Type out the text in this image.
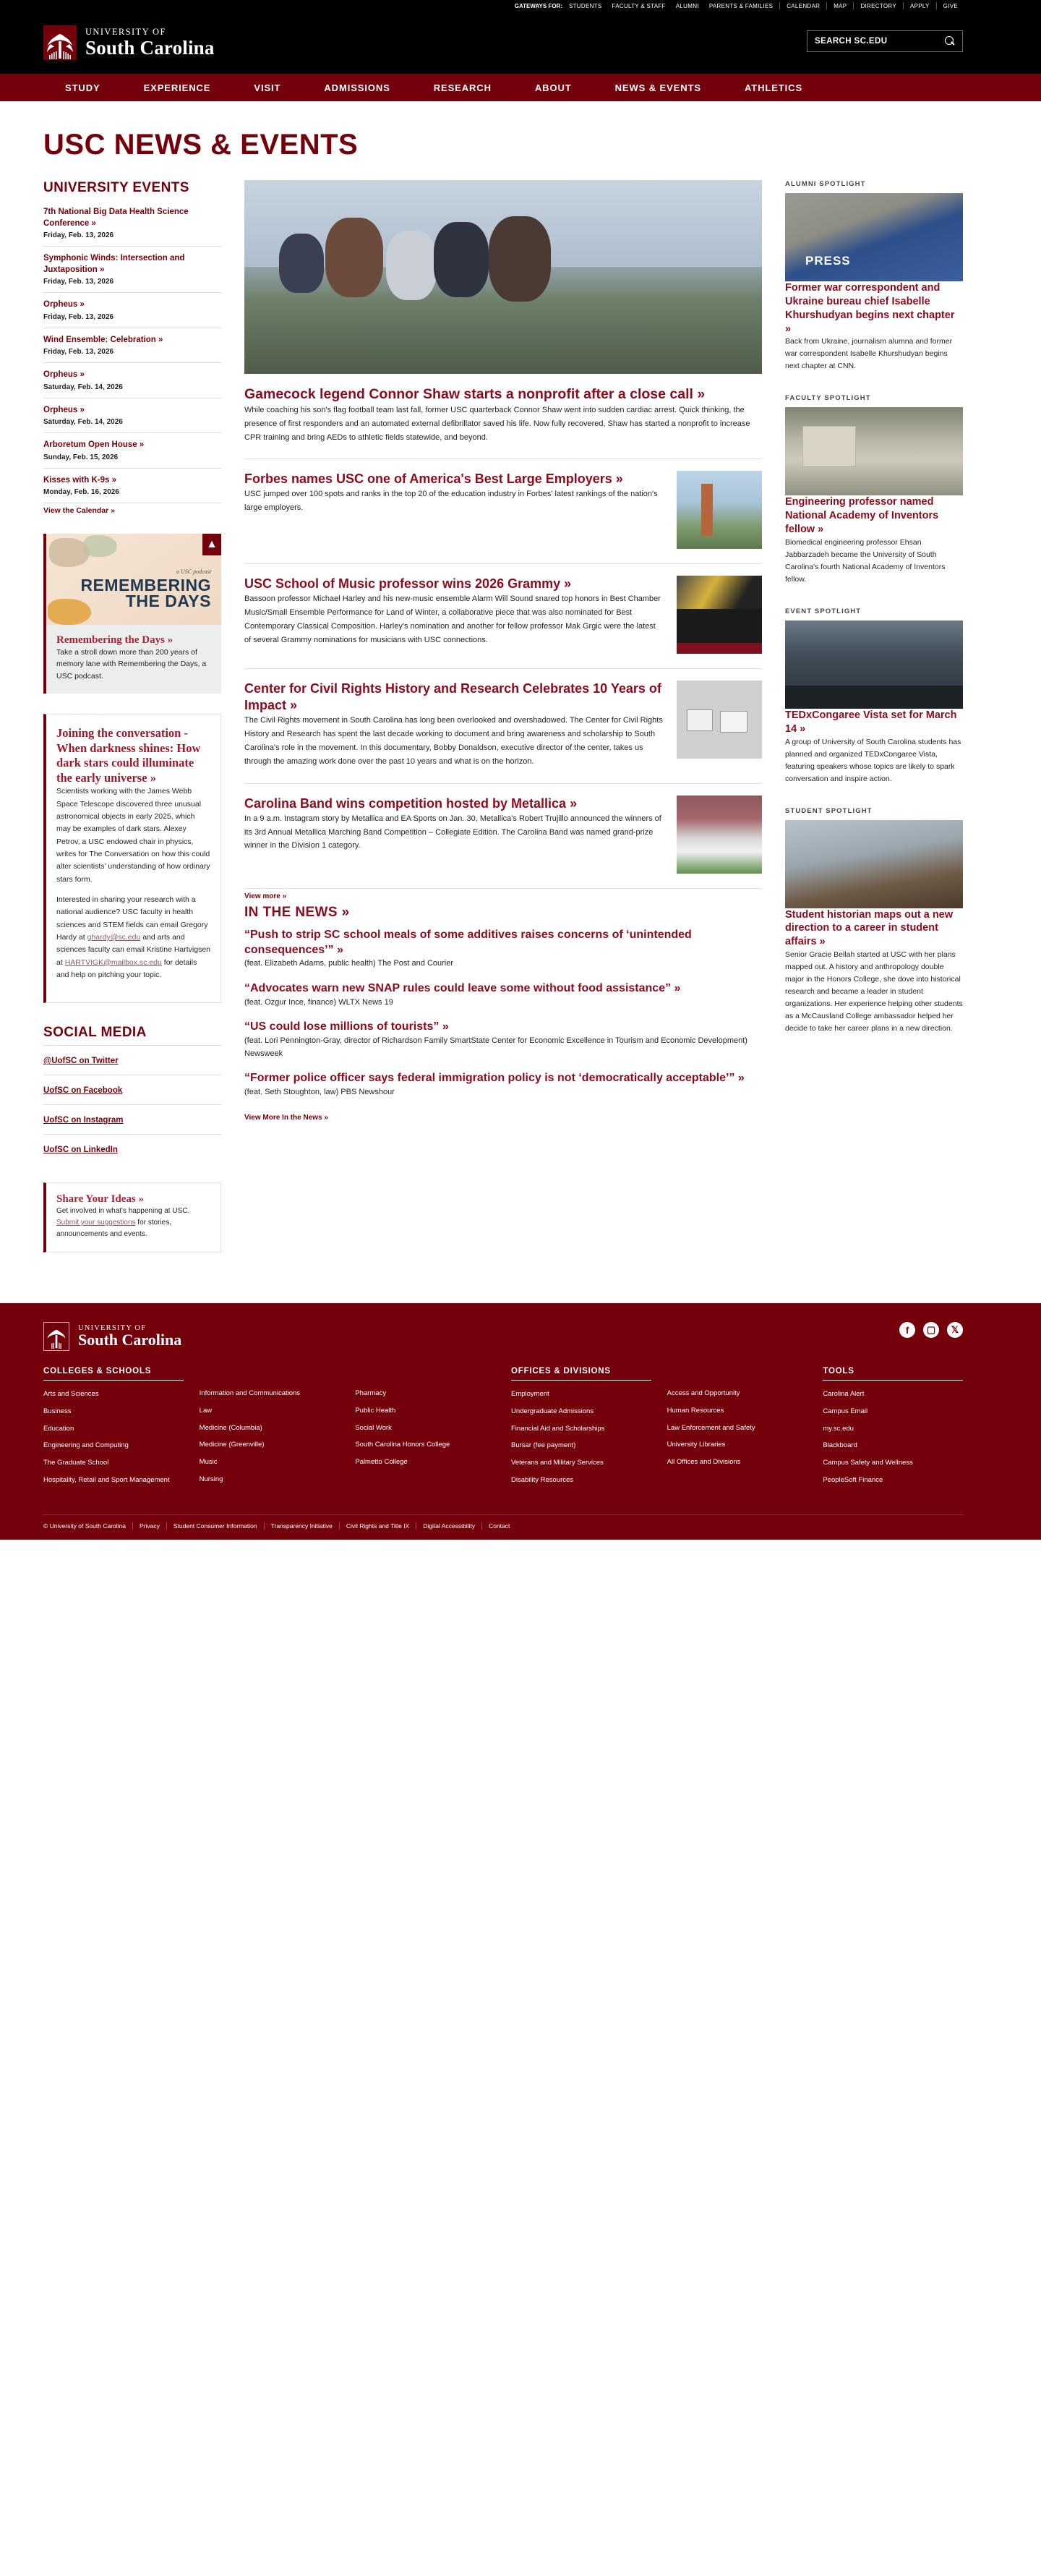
GATEWAYS FOR:	STUDENTS	FACULTY & STAFF	ALUMNI	PARENTS & FAMILIES	CALENDAR	MAP	DIRECTORY	APPLY	GIVE
UNIVERSITY OF
South Carolina	SEARCH SC.EDU
STUDY	EXPERIENCE	VISIT	ADMISSIONS	RESEARCH	ABOUT	NEWS & EVENTS	ATHLETICS
USC NEWS & EVENTS
UNIVERSITY EVENTS
7th National Big Data Health Science Conference »
Friday, Feb. 13, 2026
Symphonic Winds: Intersection and Juxtaposition »
Friday, Feb. 13, 2026
Orpheus »
Friday, Feb. 13, 2026
Wind Ensemble: Celebration »
Friday, Feb. 13, 2026
Orpheus »
Saturday, Feb. 14, 2026
Orpheus »
Saturday, Feb. 14, 2026
Arboretum Open House »
Sunday, Feb. 15, 2026
Kisses with K-9s »
Monday, Feb. 16, 2026
View the Calendar »
▲
a USC podcast
REMEMBERING
THE DAYS
Remembering the Days »
Take a stroll down more than 200 years of memory lane with Remembering the Days, a USC podcast.
Joining the conversation - When darkness shines: How dark stars could illuminate the early universe »

Scientists working with the James Webb Space Telescope discovered three unusual astronomical objects in early 2025, which may be examples of dark stars. Alexey Petrov, a USC endowed chair in physics, writes for The Conversation on how this could alter scientists’ understanding of how ordinary stars form.

Interested in sharing your research with a national audience? USC faculty in health sciences and STEM fields can email Gregory Hardy at ghardy@sc.edu and arts and sciences faculty can email Kristine Hartvigsen at HARTVIGK@mailbox.sc.edu for details and help on pitching your topic.

SOCIAL MEDIA
@UofSC on Twitter
UofSC on Facebook
UofSC on Instagram
UofSC on LinkedIn
Share Your Ideas »
Get involved in what's happening at USC. Submit your suggestions for stories, announcements and events.
Gamecock legend Connor Shaw starts a nonprofit after a close call »
While coaching his son's flag football team last fall, former USC quarterback Connor Shaw went into sudden cardiac arrest. Quick thinking, the presence of first responders and an automated external defibrillator saved his life. Now fully recovered, Shaw has started a nonprofit to increase CPR training and bring AEDs to athletic fields statewide, and beyond.
Forbes names USC one of America's Best Large Employers »
USC jumped over 100 spots and ranks in the top 20 of the education industry in Forbes' latest rankings of the nation's large employers.
USC School of Music professor wins 2026 Grammy »
Bassoon professor Michael Harley and his new-music ensemble Alarm Will Sound snared top honors in Best Chamber Music/Small Ensemble Performance for Land of Winter, a collaborative piece that was also nominated for Best Contemporary Classical Composition. Harley's nomination and another for fellow professor Mak Grgic were the latest of several Grammy nominations for musicians with USC connections.
Center for Civil Rights History and Research Celebrates 10 Years of Impact »
The Civil Rights movement in South Carolina has long been overlooked and overshadowed. The Center for Civil Rights History and Research has spent the last decade working to document and bring awareness and scholarship to South Carolina's role in the movement. In this documentary, Bobby Donaldson, executive director of the center, takes us through the amazing work done over the past 10 years and what is on the horizon.
Carolina Band wins competition hosted by Metallica »
In a 9 a.m. Instagram story by Metallica and EA Sports on Jan. 30, Metallica's Robert Trujillo announced the winners of its 3rd Annual Metallica Marching Band Competition – Collegiate Edition. The Carolina Band was named grand-prize winner in the Division 1 category.
View more »
IN THE NEWS »
“Push to strip SC school meals of some additives raises concerns of ‘unintended consequences’” »
(feat. Elizabeth Adams, public health) The Post and Courier
“Advocates warn new SNAP rules could leave some without food assistance” »
(feat. Ozgur Ince, finance) WLTX News 19
“US could lose millions of tourists” »
(feat. Lori Pennington-Gray, director of Richardson Family SmartState Center for Economic Excellence in Tourism and Economic Development) Newsweek
“Former police officer says federal immigration policy is not ‘democratically acceptable’” »
(feat. Seth Stoughton, law) PBS Newshour
View More In the News »
ALUMNI SPOTLIGHT
PRESS
Former war correspondent and Ukraine bureau chief Isabelle Khurshudyan begins next chapter »
Back from Ukraine, journalism alumna and former war correspondent Isabelle Khurshudyan begins next chapter at CNN.
FACULTY SPOTLIGHT
Engineering professor named National Academy of Inventors fellow »
Biomedical engineering professor Ehsan Jabbarzadeh became the University of South Carolina's fourth National Academy of Inventors fellow.
EVENT SPOTLIGHT
TEDxCongaree Vista set for March 14 »
A group of University of South Carolina students has planned and organized TEDxCongaree Vista, featuring speakers whose topics are likely to spark conversation and inspire action.
STUDENT SPOTLIGHT
Student historian maps out a new direction to a career in student affairs »
Senior Gracie Bellah started at USC with her plans mapped out. A history and anthropology double major in the Honors College, she dove into historical research and became a leader in student organizations. Her experience helping other students as a McCausland College ambassador helped her decide to take her career plans in a new direction.
UNIVERSITY OF
South Carolina
f	▢	𝕏
COLLEGES & SCHOOLS
Arts and Sciences
Business
Education
Engineering and Computing
The Graduate School
Hospitality, Retail and Sport Management
Information and Communications
Law
Medicine (Columbia)
Medicine (Greenville)
Music
Nursing
Pharmacy
Public Health
Social Work
South Carolina Honors College
Palmetto College
OFFICES & DIVISIONS
Employment
Undergraduate Admissions
Financial Aid and Scholarships
Bursar (fee payment)
Veterans and Military Services
Disability Resources
Access and Opportunity
Human Resources
Law Enforcement and Safety
University Libraries
All Offices and Divisions
TOOLS
Carolina Alert
Campus Email
my.sc.edu
Blackboard
Campus Safety and Wellness
PeopleSoft Finance
© University of South Carolina	Privacy	Student Consumer Information	Transparency Initiative	Civil Rights and Title IX	Digital Accessibility	Contact
